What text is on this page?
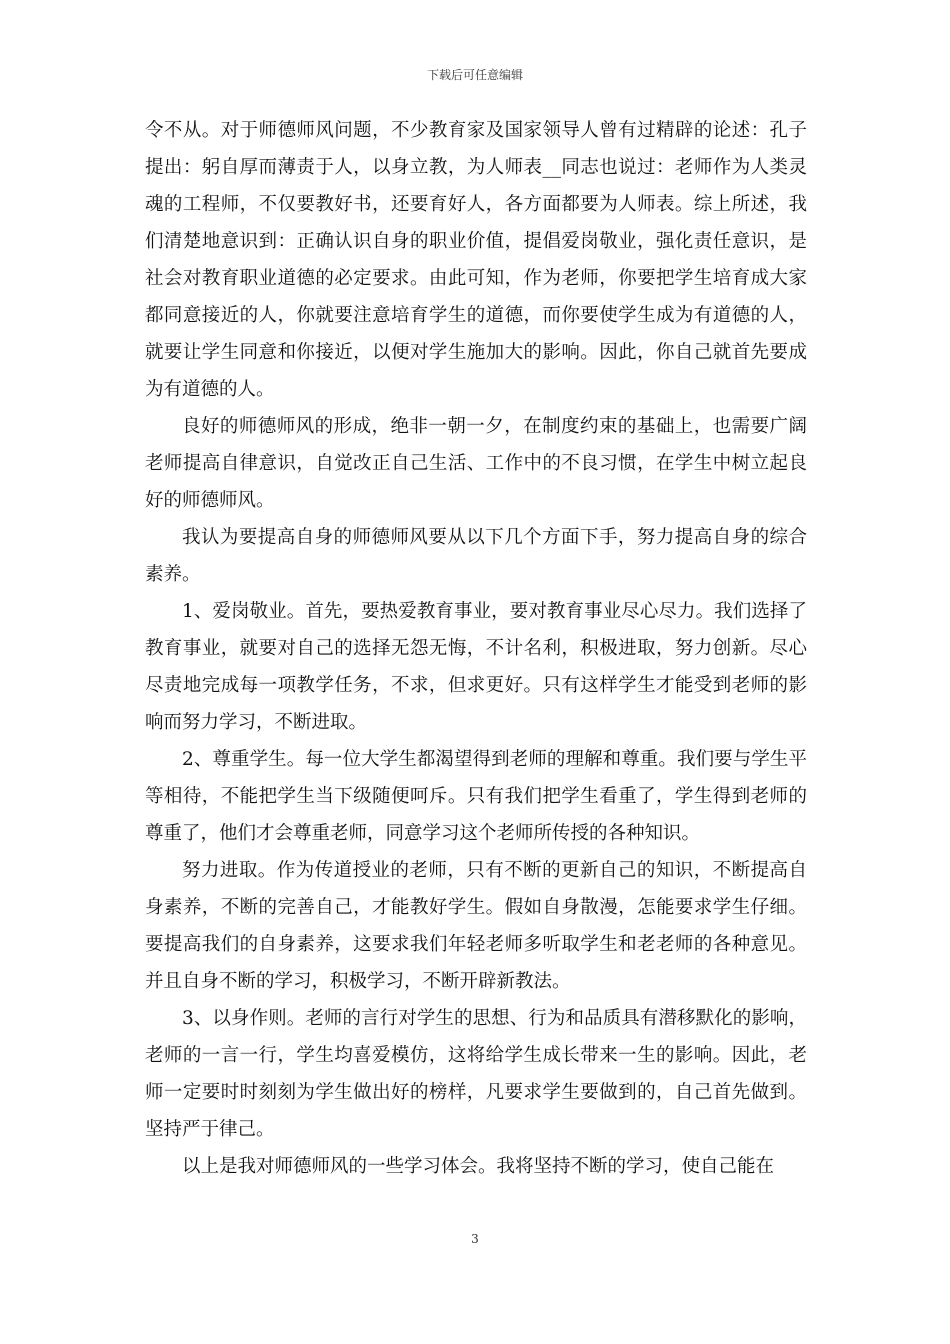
下载后可任意编辑

令不从。对于师德师风问题，不少教育家及国家领导人曾有过精辟的论述：孔子提出：躬自厚而薄责于人，以身立教，为人师表__同志也说过：老师作为人类灵魂的工程师，不仅要教好书，还要育好人，各方面都要为人师表。综上所述，我们清楚地意识到：正确认识自身的职业价值，提倡爱岗敬业，强化责任意识，是社会对教育职业道德的必定要求。由此可知，作为老师，你要把学生培育成大家都同意接近的人，你就要注意培育学生的道德，而你要使学生成为有道德的人，就要让学生同意和你接近，以便对学生施加大的影响。因此，你自己就首先要成为有道德的人。

良好的师德师风的形成，绝非一朝一夕，在制度约束的基础上，也需要广阔老师提高自律意识，自觉改正自己生活、工作中的不良习惯，在学生中树立起良好的师德师风。

我认为要提高自身的师德师风要从以下几个方面下手，努力提高自身的综合素养。

1、爱岗敬业。首先，要热爱教育事业，要对教育事业尽心尽力。我们选择了教育事业，就要对自己的选择无怨无悔，不计名利，积极进取，努力创新。尽心尽责地完成每一项教学任务，不求，但求更好。只有这样学生才能受到老师的影响而努力学习，不断进取。

2、尊重学生。每一位大学生都渴望得到老师的理解和尊重。我们要与学生平等相待，不能把学生当下级随便呵斥。只有我们把学生看重了，学生得到老师的尊重了，他们才会尊重老师，同意学习这个老师所传授的各种知识。

努力进取。作为传道授业的老师，只有不断的更新自己的知识，不断提高自身素养，不断的完善自己，才能教好学生。假如自身散漫，怎能要求学生仔细。要提高我们的自身素养，这要求我们年轻老师多听取学生和老老师的各种意见。并且自身不断的学习，积极学习，不断开辟新教法。

3、以身作则。老师的言行对学生的思想、行为和品质具有潜移默化的影响，老师的一言一行，学生均喜爱模仿，这将给学生成长带来一生的影响。因此，老师一定要时时刻刻为学生做出好的榜样，凡要求学生要做到的，自己首先做到。坚持严于律己。

以上是我对师德师风的一些学习体会。我将坚持不断的学习，使自己能在

3
